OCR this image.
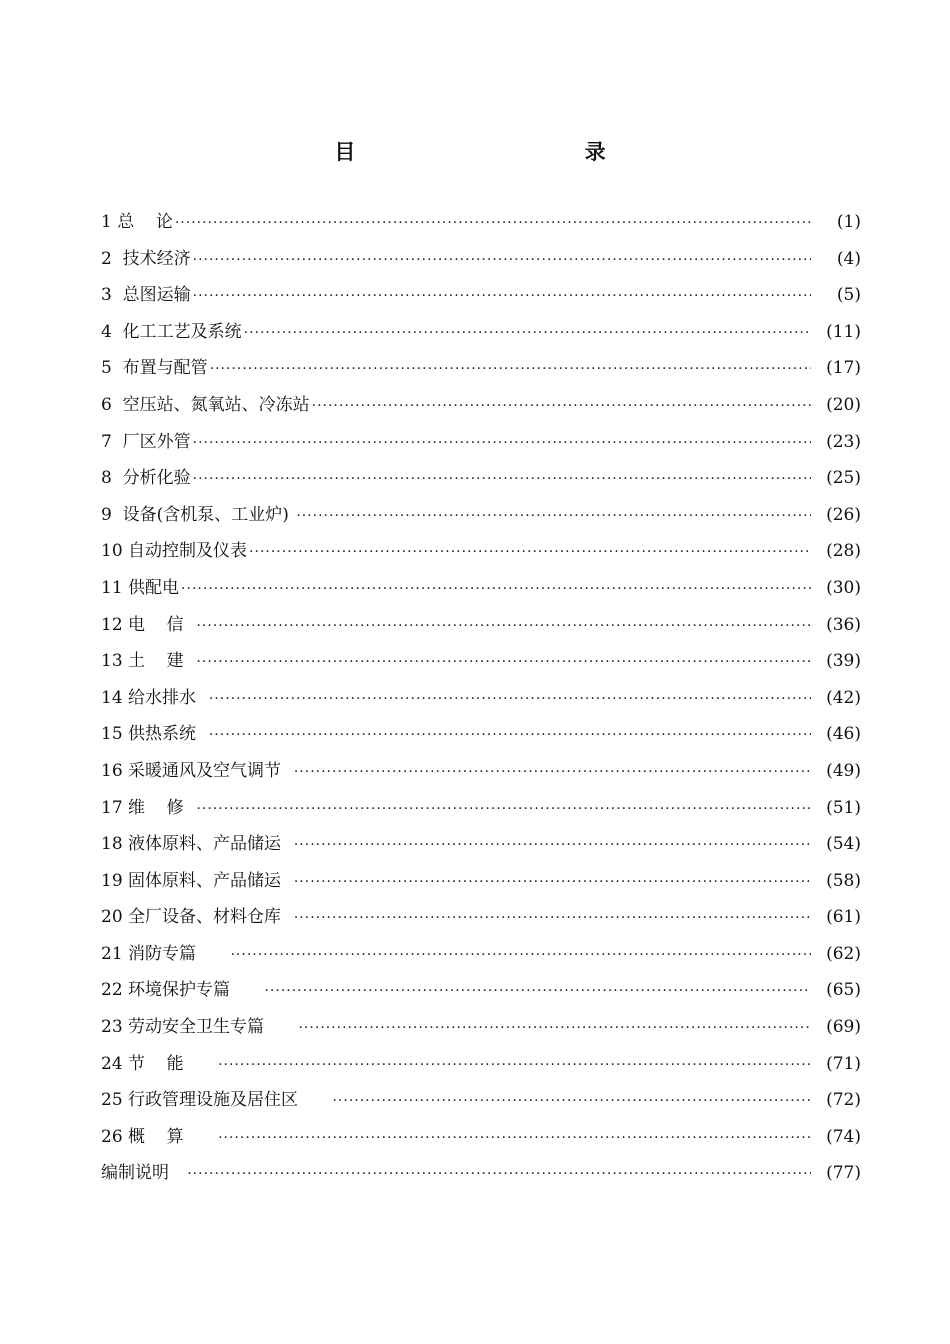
目    录
1 总    论 ·····	(1)
2  技术经济 ·····	(4)
3  总图运输 ·····	(5)
4  化工工艺及系统 ·····	(11)
5  布置与配管 ·····	(17)
6  空压站、氮氧站、冷冻站 ·····	(20)
7  厂区外管 ·····	(23)
8  分析化验 ·····	(25)
9  设备(含机泵、工业炉) ·····	(26)
10 自动控制及仪表 ·····	(28)
11 供配电 ·····	(30)
12 电    信 ·····	(36)
13 土    建 ·····	(39)
14 给水排水 ·····	(42)
15 供热系统 ·····	(46)
16 采暖通风及空气调节 ·····	(49)
17 维    修 ·····	(51)
18 液体原料、产品储运 ·····	(54)
19 固体原料、产品储运 ·····	(58)
20 全厂设备、材料仓库 ·····	(61)
21 消防专篇 ·····	(62)
22 环境保护专篇 ·····	(65)
23 劳动安全卫生专篇 ·····	(69)
24 节    能 ·····	(71)
25 行政管理设施及居住区 ·····	(72)
26 概    算 ·····	(74)
编制说明 ·····	(77)
